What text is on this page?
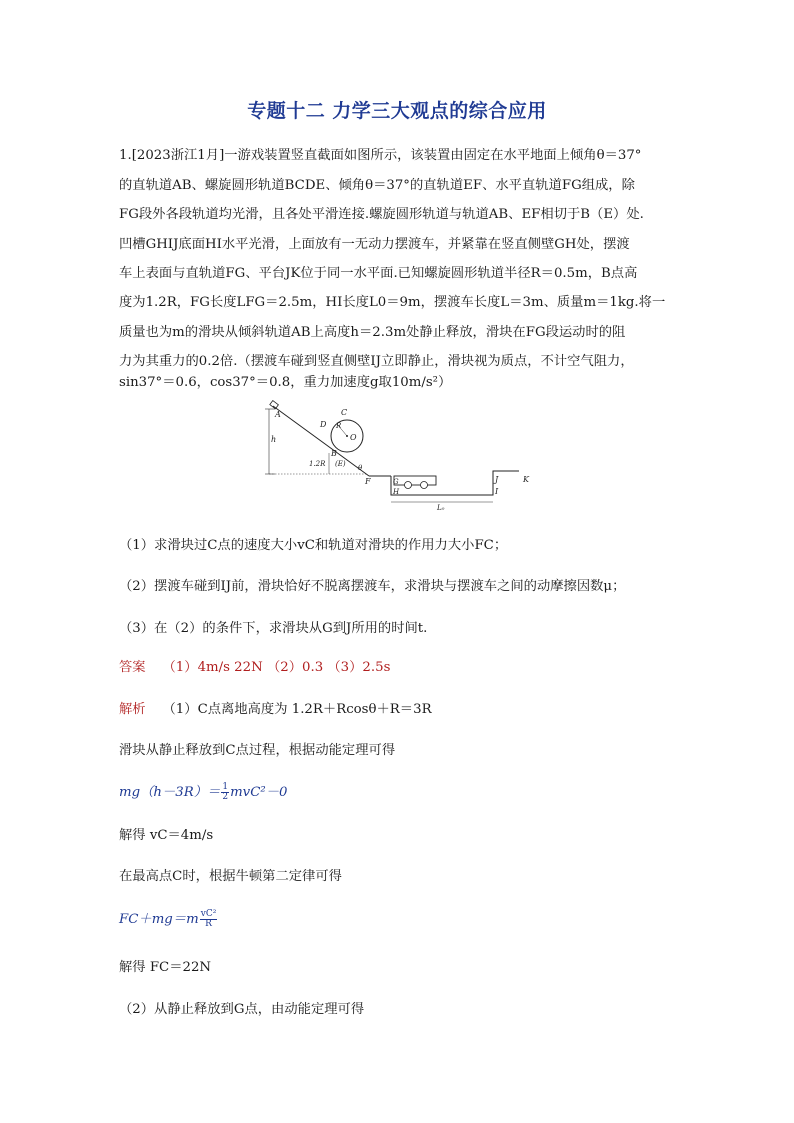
专题十二 力学三大观点的综合应用
1.[2023浙江1月]一游戏装置竖直截面如图所示，该装置由固定在水平地面上倾角θ＝37°
的直轨道AB、螺旋圆形轨道BCDE、倾角θ＝37°的直轨道EF、水平直轨道FG组成，除
FG段外各段轨道均光滑，且各处平滑连接.螺旋圆形轨道与轨道AB、EF相切于B（E）处.
凹槽GHIJ底面HI水平光滑，上面放有一无动力摆渡车，并紧靠在竖直侧壁GH处，摆渡
车上表面与直轨道FG、平台JK位于同一水平面.已知螺旋圆形轨道半径R＝0.5m，B点高
度为1.2R，FG长度LFG＝2.5m，HI长度L0＝9m，摆渡车长度L＝3m、质量m＝1kg.将一
质量也为m的滑块从倾斜轨道AB上高度h＝2.3m处静止释放，滑块在FG段运动时的阻
力为其重力的0.2倍.（摆渡车碰到竖直侧壁IJ立即静止，滑块视为质点，不计空气阻力，
sin37°＝0.6，cos37°＝0.8，重力加速度g取10m/s²）
h
A	C
D R
O
B
(E)
1.2R	θ
F	G
H
J
I
K
L₀
（1）求滑块过C点的速度大小vC和轨道对滑块的作用力大小FC；
（2）摆渡车碰到IJ前，滑块恰好不脱离摆渡车，求滑块与摆渡车之间的动摩擦因数μ；
（3）在（2）的条件下，求滑块从G到J所用的时间t.
答案 （1）4m/s 22N （2）0.3 （3）2.5s
解析 （1）C点离地高度为 1.2R＋Rcosθ＋R＝3R
滑块从静止释放到C点过程，根据动能定理可得
$mg(h-3R)= \frac{1}{2} mvC^2-0$
解得 vC＝4m/s
在最高点C时，根据牛顿第二定律可得
$FC+mg=m \frac{\text{vC²}}{R}$
解得 FC＝22N
（2）从静止释放到G点，由动能定理可得
